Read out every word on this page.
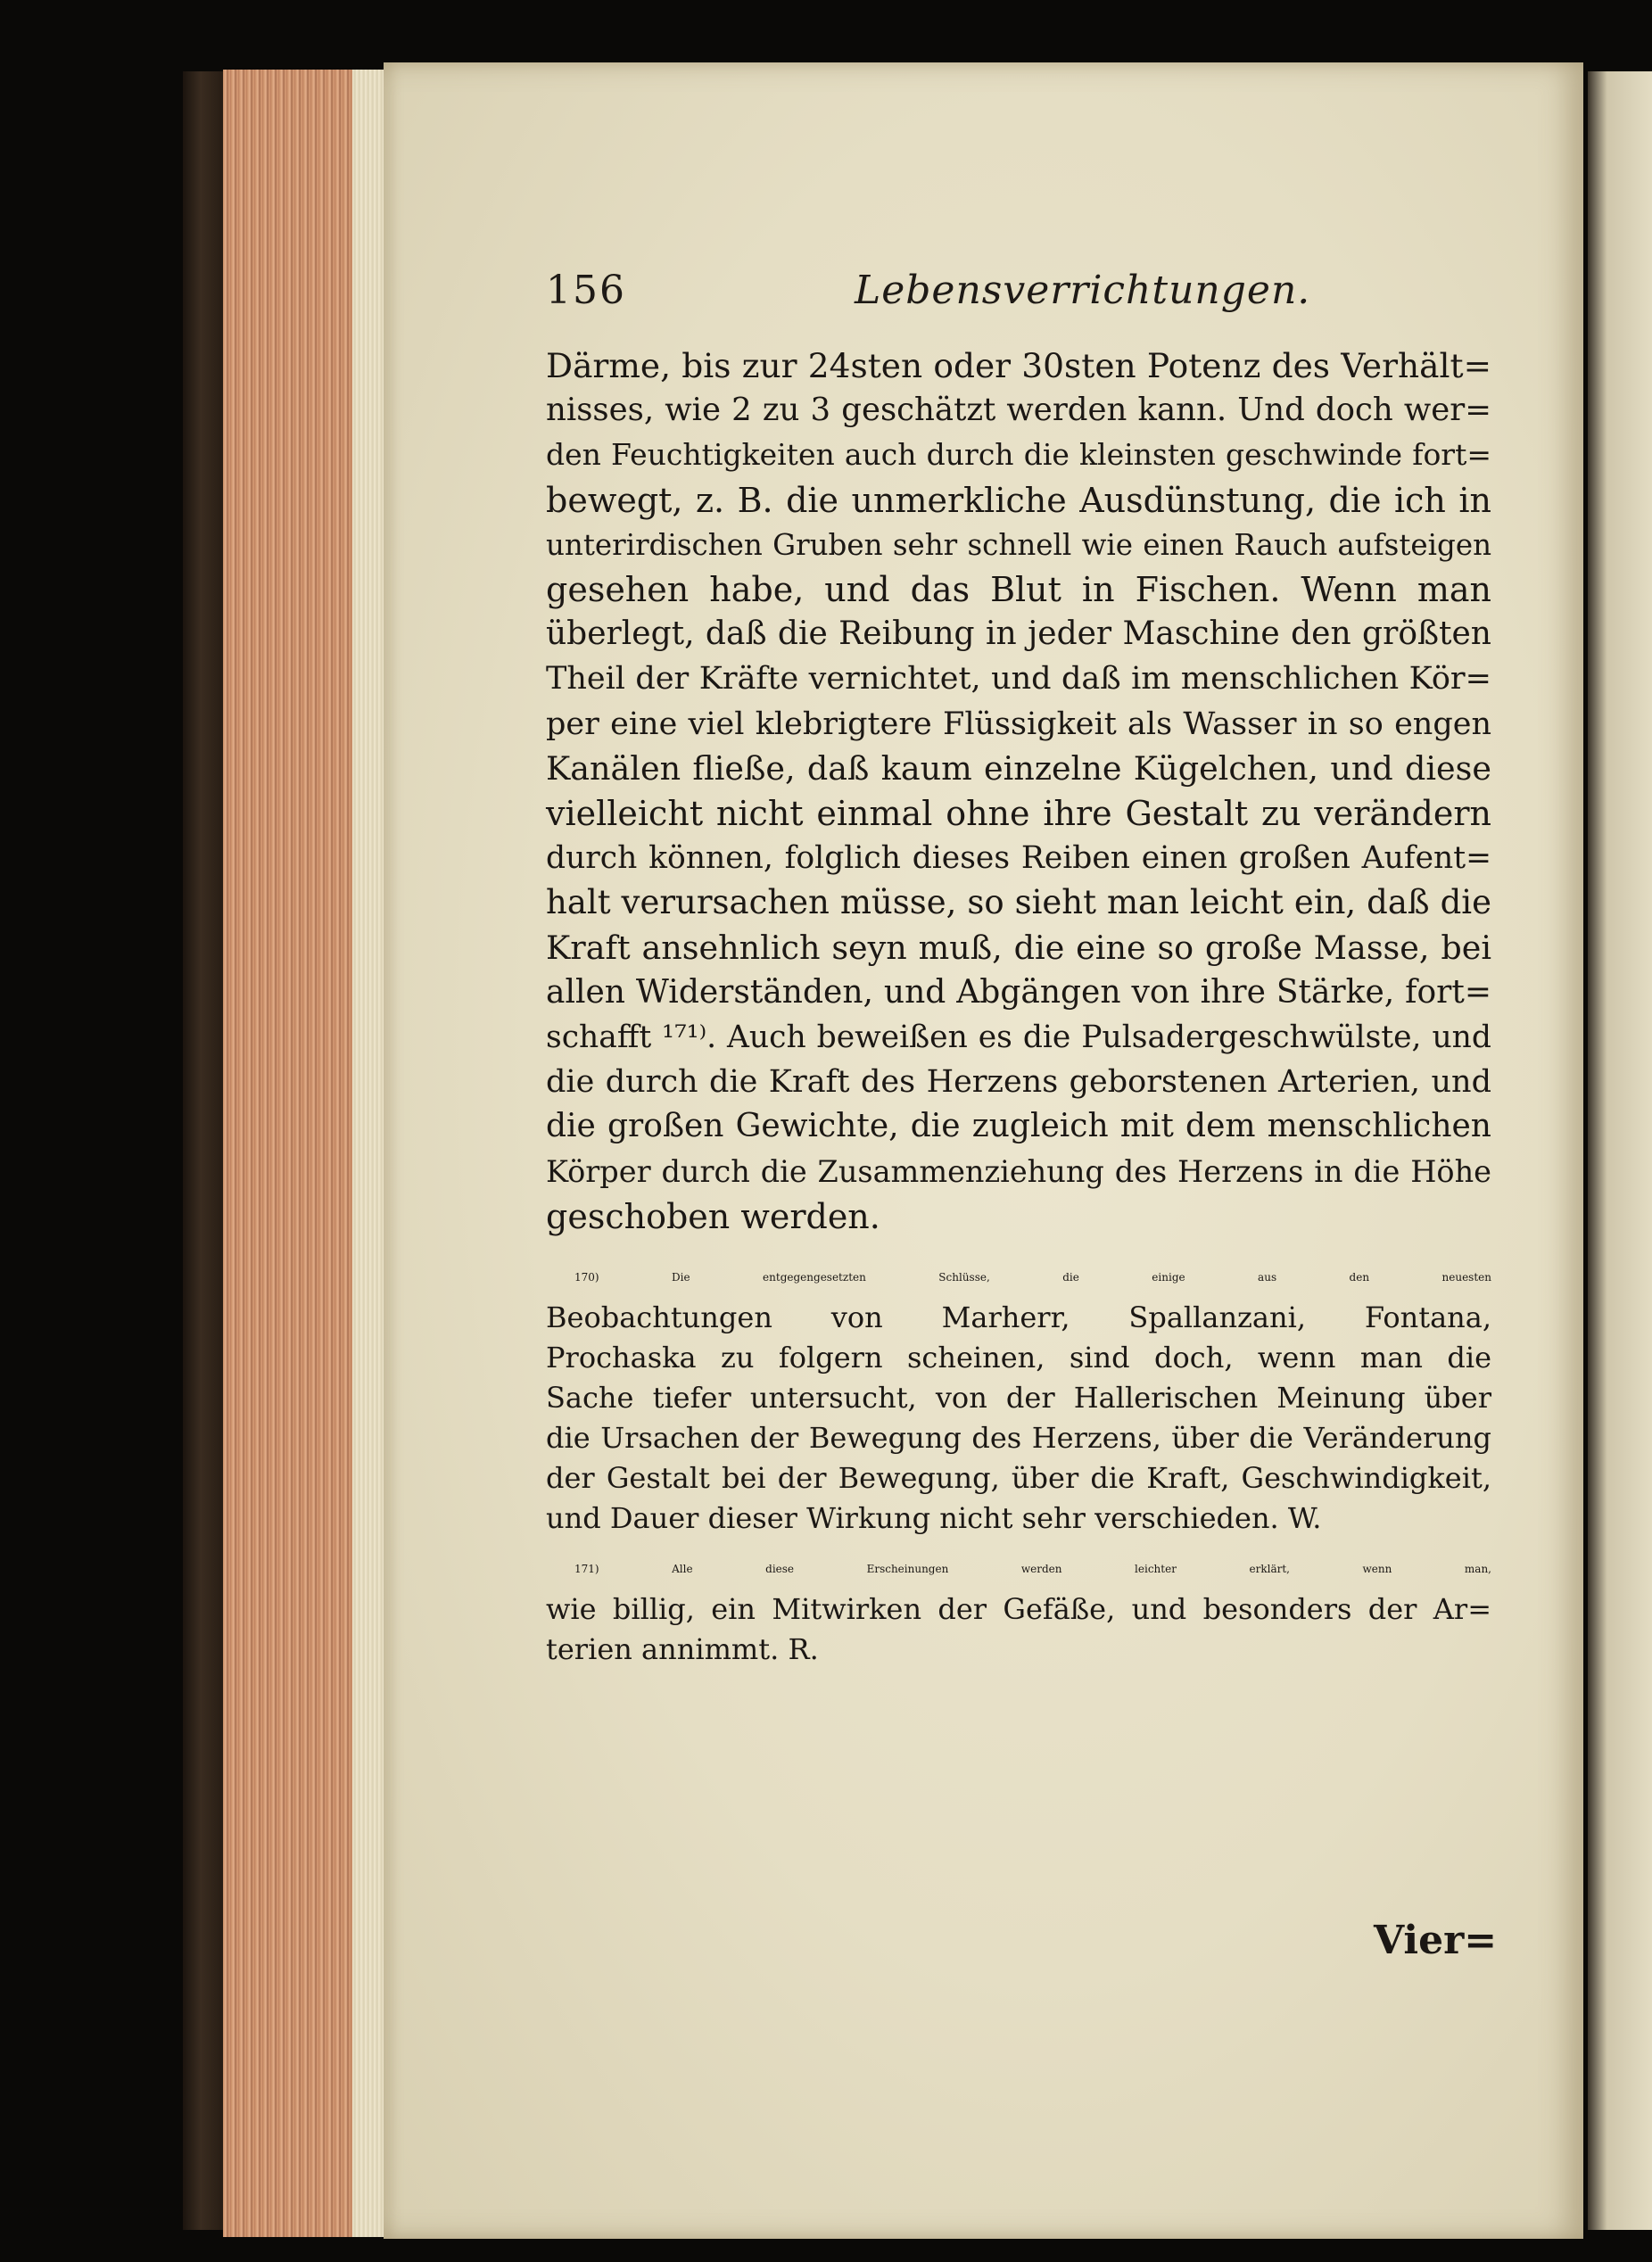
156	Lebensverrichtungen.
Därme, bis zur 24sten oder 30sten Potenz des Verhält=
nisses, wie 2 zu 3 geschätzt werden kann. Und doch wer=
den Feuchtigkeiten auch durch die kleinsten geschwinde fort=
bewegt, z. B. die unmerkliche Ausdünstung, die ich in
unterirdischen Gruben sehr schnell wie einen Rauch aufsteigen
gesehen habe, und das Blut in Fischen. Wenn man
überlegt, daß die Reibung in jeder Maschine den größten
Theil der Kräfte vernichtet, und daß im menschlichen Kör=
per eine viel klebrigtere Flüssigkeit als Wasser in so engen
Kanälen fließe, daß kaum einzelne Kügelchen, und diese
vielleicht nicht einmal ohne ihre Gestalt zu verändern
durch können, folglich dieses Reiben einen großen Aufent=
halt verursachen müsse, so sieht man leicht ein, daß die
Kraft ansehnlich seyn muß, die eine so große Masse, bei
allen Widerständen, und Abgängen von ihre Stärke, fort=
schafft ¹⁷¹⁾. Auch beweißen es die Pulsadergeschwülste, und
die durch die Kraft des Herzens geborstenen Arterien, und
die großen Gewichte, die zugleich mit dem menschlichen
Körper durch die Zusammenziehung des Herzens in die Höhe
geschoben werden.
170) Die entgegengesetzten Schlüsse, die einige aus den neuesten
Beobachtungen von Marherr, Spallanzani, Fontana,
Prochaska zu folgern scheinen, sind doch, wenn man die
Sache tiefer untersucht, von der Hallerischen Meinung über
die Ursachen der Bewegung des Herzens, über die Veränderung
der Gestalt bei der Bewegung, über die Kraft, Geschwindigkeit,
und Dauer dieser Wirkung nicht sehr verschieden. W.
171) Alle diese Erscheinungen werden leichter erklärt, wenn man,
wie billig, ein Mitwirken der Gefäße, und besonders der Ar=
terien annimmt. R.
Vier=
